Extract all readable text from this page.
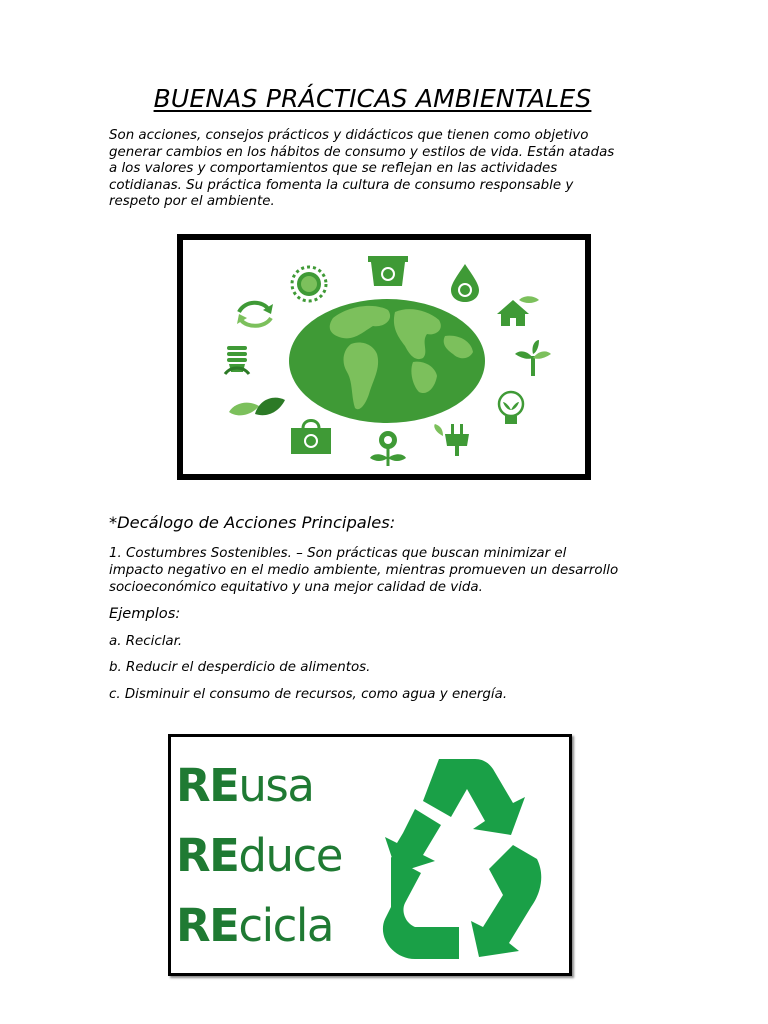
BUENAS PRÁCTICAS AMBIENTALES
Son acciones, consejos prácticos y didácticos que tienen como objetivo
generar cambios en los hábitos de consumo y estilos de vida. Están atadas
a los valores y comportamientos que se reflejan en las actividades
cotidianas. Su práctica fomenta la cultura de consumo responsable y
respeto por el ambiente.
*Decálogo de Acciones Principales:
1. Costumbres Sostenibles. – Son prácticas que buscan minimizar el
impacto negativo en el medio ambiente, mientras promueven un desarrollo
socioeconómico equitativo y una mejor calidad de vida.
Ejemplos:
a. Reciclar.
b. Reducir el desperdicio de alimentos.
c. Disminuir el consumo de recursos, como agua y energía.
REusa
REduce
REcicla
